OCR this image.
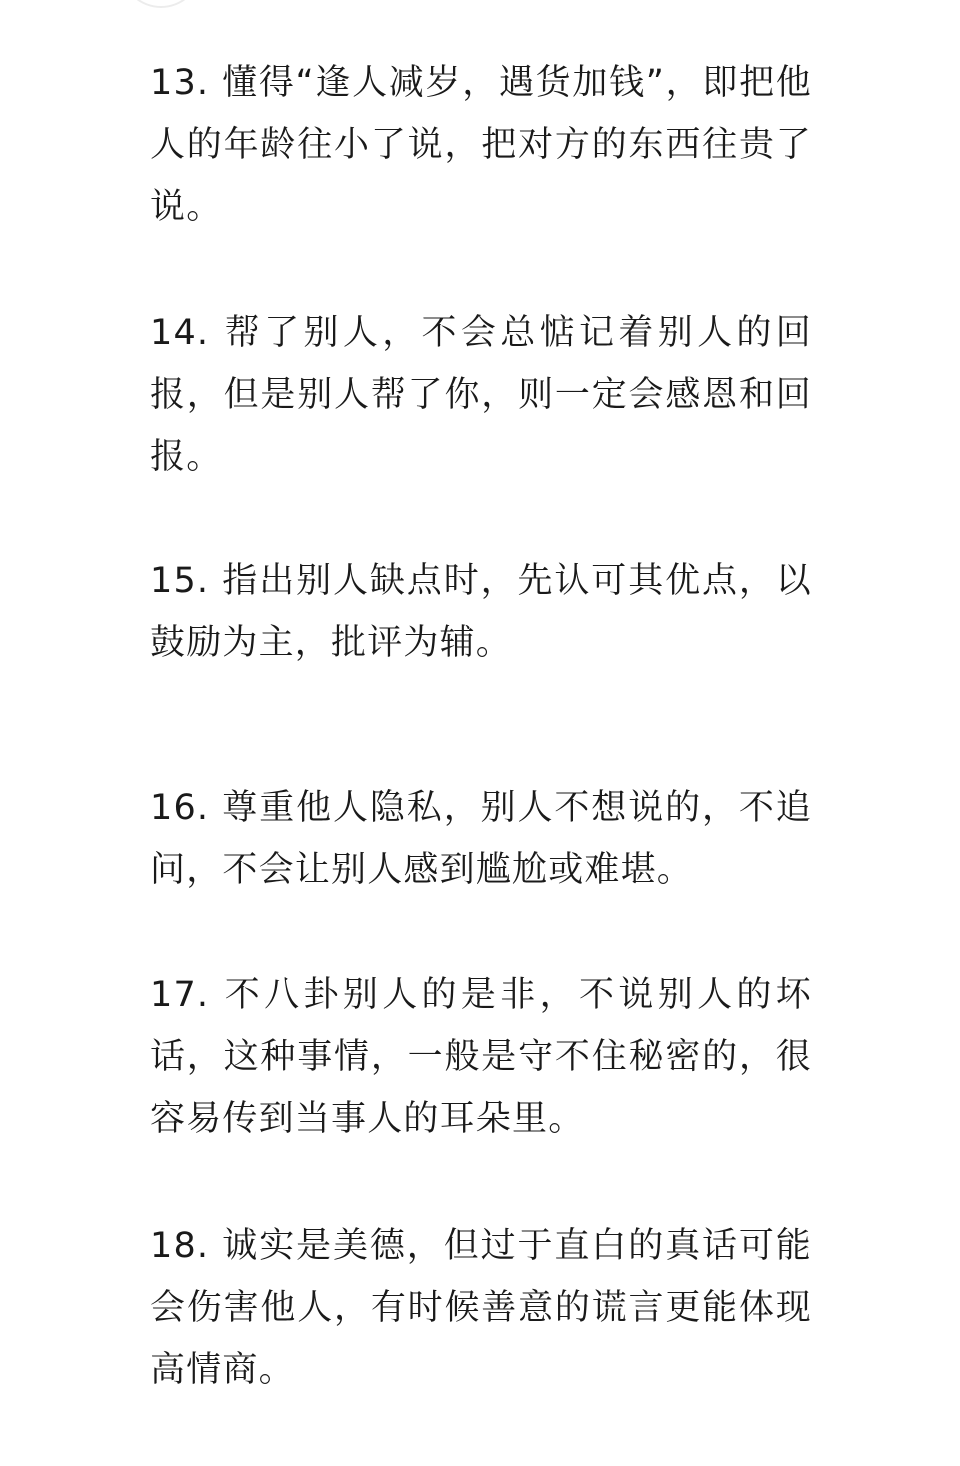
13. 懂得“逢人减岁，遇货加钱”，即把他人的年龄往小了说，把对方的东西往贵了说。

14. 帮了别人，不会总惦记着别人的回报，但是别人帮了你，则一定会感恩和回报。

15. 指出别人缺点时，先认可其优点，以鼓励为主，批评为辅。

16. 尊重他人隐私，别人不想说的，不追问，不会让别人感到尴尬或难堪。

17. 不八卦别人的是非，不说别人的坏话，这种事情，一般是守不住秘密的，很容易传到当事人的耳朵里。

18. 诚实是美德，但过于直白的真话可能会伤害他人，有时候善意的谎言更能体现高情商。
